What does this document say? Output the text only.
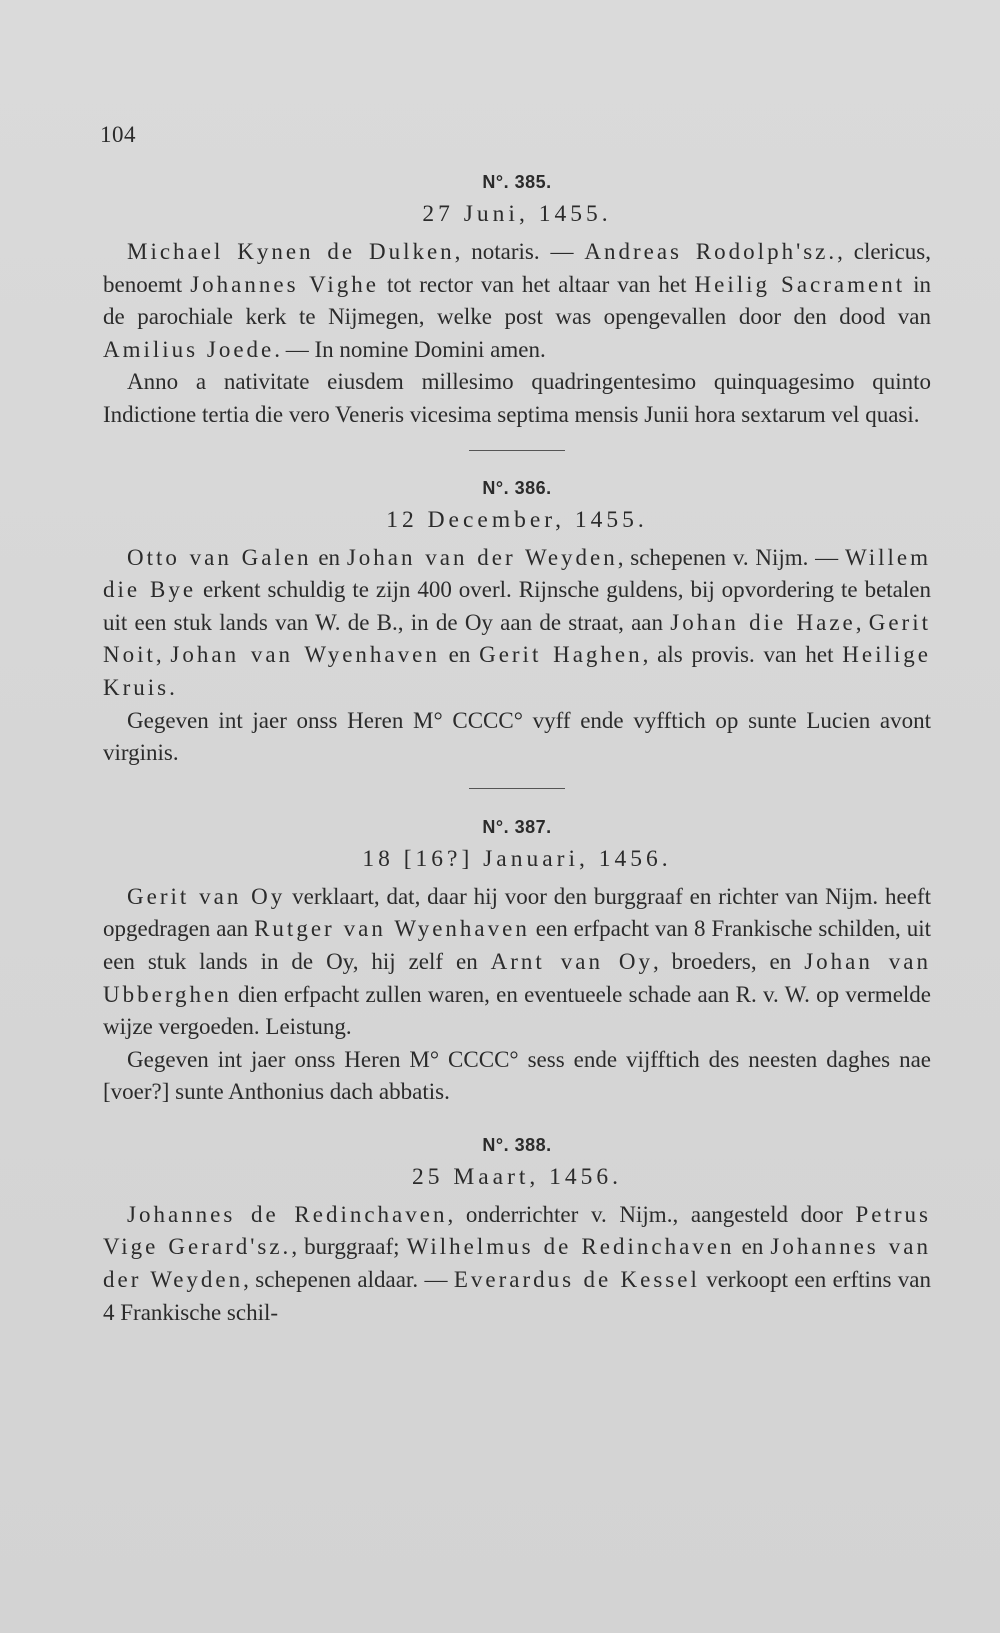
104
N°. 385.
27 Juni, 1455.

Michael Kynen de Dulken, notaris. — Andreas Rodolph'sz., clericus, benoemt Johannes Vighe tot rector van het altaar van het Heilig Sacrament in de parochiale kerk te Nijmegen, welke post was opengevallen door den dood van Amilius Joede. — In nomine Domini amen.

Anno a nativitate eiusdem millesimo quadringentesimo quinquagesimo quinto Indictione tertia die vero Veneris vicesima septima mensis Junii hora sextarum vel quasi.

N°. 386.
12 December, 1455.

Otto van Galen en Johan van der Weyden, schepenen v. Nijm. — Willem die Bye erkent schuldig te zijn 400 overl. Rijnsche guldens, bij opvordering te betalen uit een stuk lands van W. de B., in de Oy aan de straat, aan Johan die Haze, Gerit Noit, Johan van Wyenhaven en Gerit Haghen, als provis. van het Heilige Kruis.

Gegeven int jaer onss Heren M° CCCC° vyff ende vyfftich op sunte Lucien avont virginis.

N°. 387.
18 [16?] Januari, 1456.

Gerit van Oy verklaart, dat, daar hij voor den burggraaf en richter van Nijm. heeft opgedragen aan Rutger van Wyenhaven een erfpacht van 8 Frankische schilden, uit een stuk lands in de Oy, hij zelf en Arnt van Oy, broeders, en Johan van Ubberghen dien erfpacht zullen waren, en eventueele schade aan R. v. W. op vermelde wijze vergoeden. Leistung.

Gegeven int jaer onss Heren M° CCCC° sess ende vijfftich des neesten daghes nae [voer?] sunte Anthonius dach abbatis.

N°. 388.
25 Maart, 1456.

Johannes de Redinchaven, onderrichter v. Nijm., aangesteld door Petrus Vige Gerard'sz., burggraaf; Wilhelmus de Redinchaven en Johannes van der Weyden, schepenen aldaar. — Everardus de Kessel verkoopt een erftins van 4 Frankische schil-
